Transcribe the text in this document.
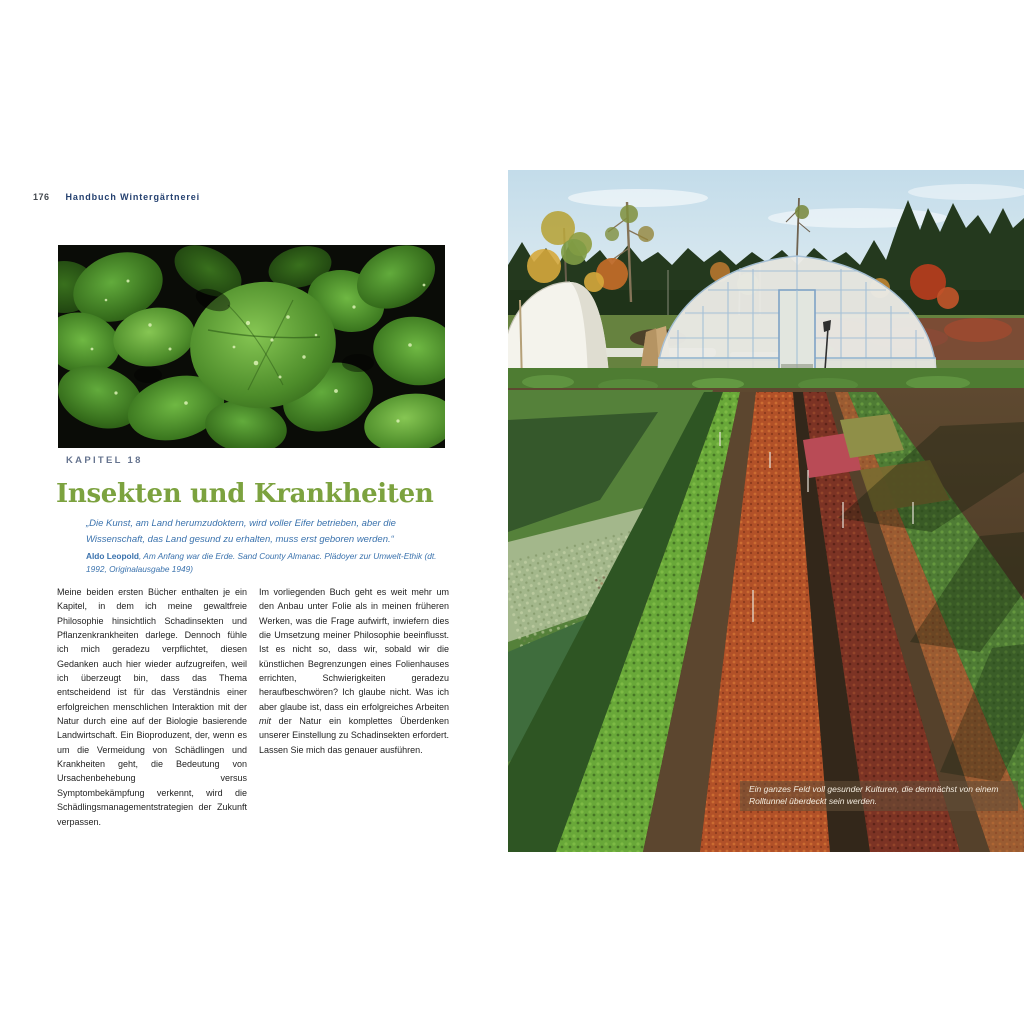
176 Handbuch Wintergärtnerei
KAPITEL 18
Insekten und Krankheiten
„Die Kunst, am Land herumzudoktern, wird voller Eifer betrieben, aber die Wissenschaft, das Land gesund zu erhalten, muss erst geboren werden.“
Aldo Leopold, Am Anfang war die Erde. Sand County Almanac. Plädoyer zur Umwelt-Ethik (dt. 1992, Originalausgabe 1949)

Meine beiden ersten Bücher enthalten je ein Kapitel, in dem ich meine gewaltfreie Philosophie hinsichtlich Schadinsekten und Pflanzenkrankheiten darlege. Dennoch fühle ich mich geradezu verpflichtet, diesen Gedanken auch hier wieder aufzugreifen, weil ich überzeugt bin, dass das Thema entscheidend ist für das Verständnis einer erfolgreichen menschlichen Interaktion mit der Natur durch eine auf der Biologie basierende Landwirtschaft. Ein Bioproduzent, der, wenn es um die Vermeidung von Schädlingen und Krankheiten geht, die Bedeutung von Ursachenbehebung versus Symptombekämpfung verkennt, wird die Schädlingsmanagementstrategien der Zukunft verpassen.

Im vorliegenden Buch geht es weit mehr um den Anbau unter Folie als in meinen früheren Werken, was die Frage aufwirft, inwiefern dies die Umsetzung meiner Philosophie beeinflusst. Ist es nicht so, dass wir, sobald wir die künstlichen Begrenzungen eines Folienhauses errichten, Schwierigkeiten geradezu heraufbeschwören? Ich glaube nicht. Was ich aber glaube ist, dass ein erfolgreiches Arbeiten mit der Natur ein komplettes Überdenken unserer Einstellung zu Schadinsekten erfordert. Lassen Sie mich das genauer ausführen.

Ein ganzes Feld voll gesunder Kulturen, die demnächst von einem Rolltunnel überdeckt sein werden.
